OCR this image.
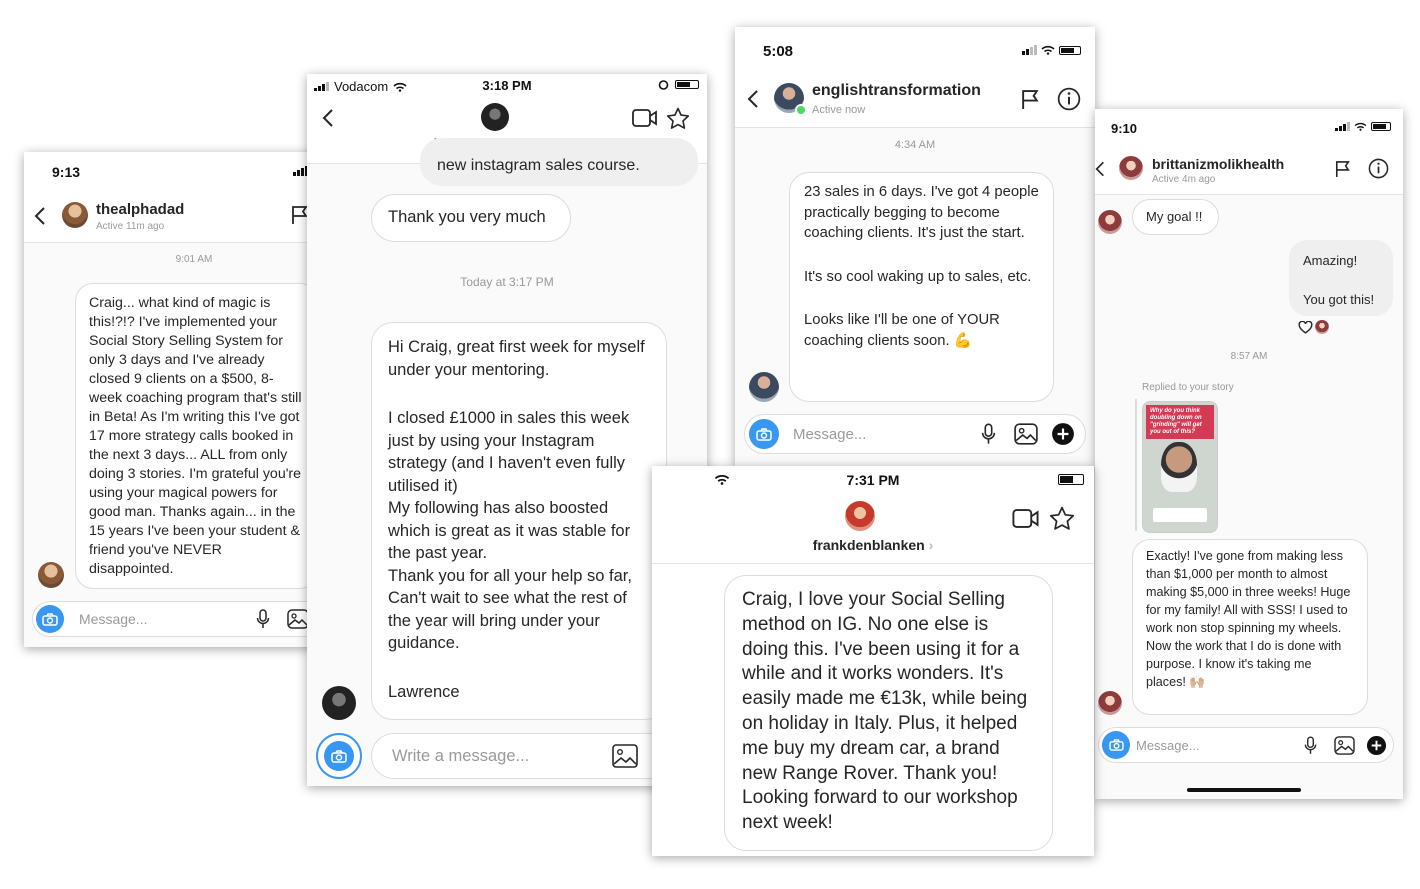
9:13
thealphadad
Active 11m ago
9:01 AM

Craig... what kind of magic is this!?!? I've implemented your Social Story Selling System for only 3 days and I've already closed 9 clients on a $500, 8-week coaching program that's still in Beta! As I'm writing this I've got 17 more strategy calls booked in the next 3 days... ALL from only doing 3 stories. I'm grateful you're using your magical powers for good man. Thanks again... in the 15 years I've been your student & friend you've NEVER disappointed.

Message...
Vodacom	3:18 PM

new instagram sales course.

Thank you very much

Today at 3:17 PM

Hi Craig, great first week for myself under your mentoring.

I closed £1000 in sales this week just by using your Instagram strategy (and I haven't even fully utilised it)

My following has also boosted which is great as it was stable for the past year.

Thank you for all your help so far, Can't wait to see what the rest of the year will bring under your guidance.

Lawrence

Write a message...
5:08
englishtransformation
Active now
4:34 AM

23 sales in 6 days. I've got 4 people practically begging to become coaching clients. It's just the start.

It's so cool waking up to sales, etc.

Looks like I'll be one of YOUR coaching clients soon. 💪

Message...
9:10
brittanizmolikhealth
Active 4m ago

My goal !!

Amazing!

You got this!

8:57 AM
Replied to your story
Why do you think doubling down on "grinding" will get you out of this?

Exactly! I've gone from making less than $1,000 per month to almost making $5,000 in three weeks! Huge for my family! All with SSS! I used to work non stop spinning my wheels. Now the work that I do is done with purpose. I know it's taking me places! 🙌🏼

Message...
7:31 PM
frankdenblanken ›

Craig, I love your Social Selling method on IG. No one else is doing this. I've been using it for a while and it works wonders. It's easily made me €13k, while being on holiday in Italy. Plus, it helped me buy my dream car, a brand new Range Rover. Thank you! Looking forward to our workshop next week!
